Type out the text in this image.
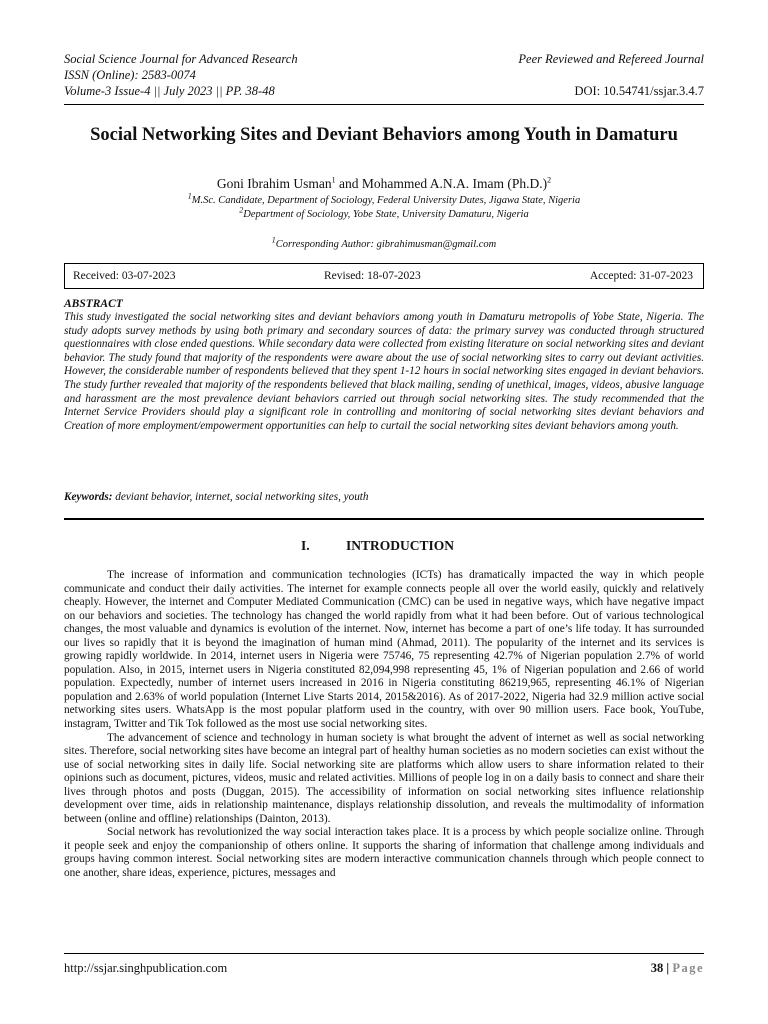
Social Science Journal for Advanced Research
ISSN (Online): 2583-0074
Volume-3 Issue-4 || July 2023 || PP. 38-48
Peer Reviewed and Refereed Journal
DOI: 10.54741/ssjar.3.4.7
Social Networking Sites and Deviant Behaviors among Youth in Damaturu
Goni Ibrahim Usman$^1$ and Mohammed A.N.A. Imam $(Ph.D.)^2$
$^1$M.Sc. Candidate, Department of Sociology, Federal University Dutes, Jigawa State, Nigeria
$^2$Department of Sociology, Yobe State, University Damaturu, Nigeria
$^1$Corresponding Author: gibrahimusman@gmail.com
Received: 03-07-2023	Revised: 18-07-2023	Accepted: 31-07-2023
ABSTRACT
This study investigated the social networking sites and deviant behaviors among youth in Damaturu metropolis of Yobe State, Nigeria. The study adopts survey methods by using both primary and secondary sources of data: the primary survey was conducted through structured questionnaires with close ended questions. While secondary data were collected from existing literature on social networking sites and deviant behavior. The study found that majority of the respondents were aware about the use of social networking sites to carry out deviant activities. However, the considerable number of respondents believed that they spent 1-12 hours in social networking sites engaged in deviant behaviors. The study further revealed that majority of the respondents believed that black mailing, sending of unethical, images, videos, abusive language and harassment are the most prevalence deviant behaviors carried out through social networking sites. The study recommended that the Internet Service Providers should play a significant role in controlling and monitoring of social networking sites deviant behaviors and Creation of more employment/empowerment opportunities can help to curtail the social networking sites deviant behaviors among youth.
Keywords: deviant behavior, internet, social networking sites, youth
I.	INTRODUCTION

The increase of information and communication technologies (ICTs) has dramatically impacted the way in which people communicate and conduct their daily activities. The internet for example connects people all over the world easily, quickly and relatively cheaply. However, the internet and Computer Mediated Communication (CMC) can be used in negative ways, which have negative impact on our behaviors and societies. The technology has changed the world rapidly from what it had been before. Out of various technological changes, the most valuable and dynamics is evolution of the internet. Now, internet has become a part of one’s life today. It has surrounded our lives so rapidly that it is beyond the imagination of human mind (Ahmad, 2011). The popularity of the internet and its services is growing rapidly worldwide. In 2014, internet users in Nigeria were 75746, 75 representing 42.7% of Nigerian population 2.7% of world population. Also, in 2015, internet users in Nigeria constituted 82,094,998 representing 45, 1% of Nigerian population and 2.66 of world population. Expectedly, number of internet users increased in 2016 in Nigeria constituting 86219,965, representing 46.1% of Nigerian population and 2.63% of world population (Internet Live Starts 2014, 2015&2016). As of 2017-2022, Nigeria had 32.9 million active social networking sites users. WhatsApp is the most popular platform used in the country, with over 90 million users. Face book, YouTube, instagram, Twitter and Tik Tok followed as the most use social networking sites.

The advancement of science and technology in human society is what brought the advent of internet as well as social networking sites. Therefore, social networking sites have become an integral part of healthy human societies as no modern societies can exist without the use of social networking sites in daily life. Social networking site are platforms which allow users to share information related to their opinions such as document, pictures, videos, music and related activities. Millions of people log in on a daily basis to connect and share their lives through photos and posts (Duggan, 2015). The accessibility of information on social networking sites influence relationship development over time, aids in relationship maintenance, displays relationship dissolution, and reveals the multimodality of information between (online and offline) relationships (Dainton, 2013).

Social network has revolutionized the way social interaction takes place. It is a process by which people socialize online. Through it people seek and enjoy the companionship of others online. It supports the sharing of information that challenge among individuals and groups having common interest. Social networking sites are modern interactive communication channels through which people connect to one another, share ideas, experience, pictures, messages and

http://ssjar.singhpublication.com	38 | Page
